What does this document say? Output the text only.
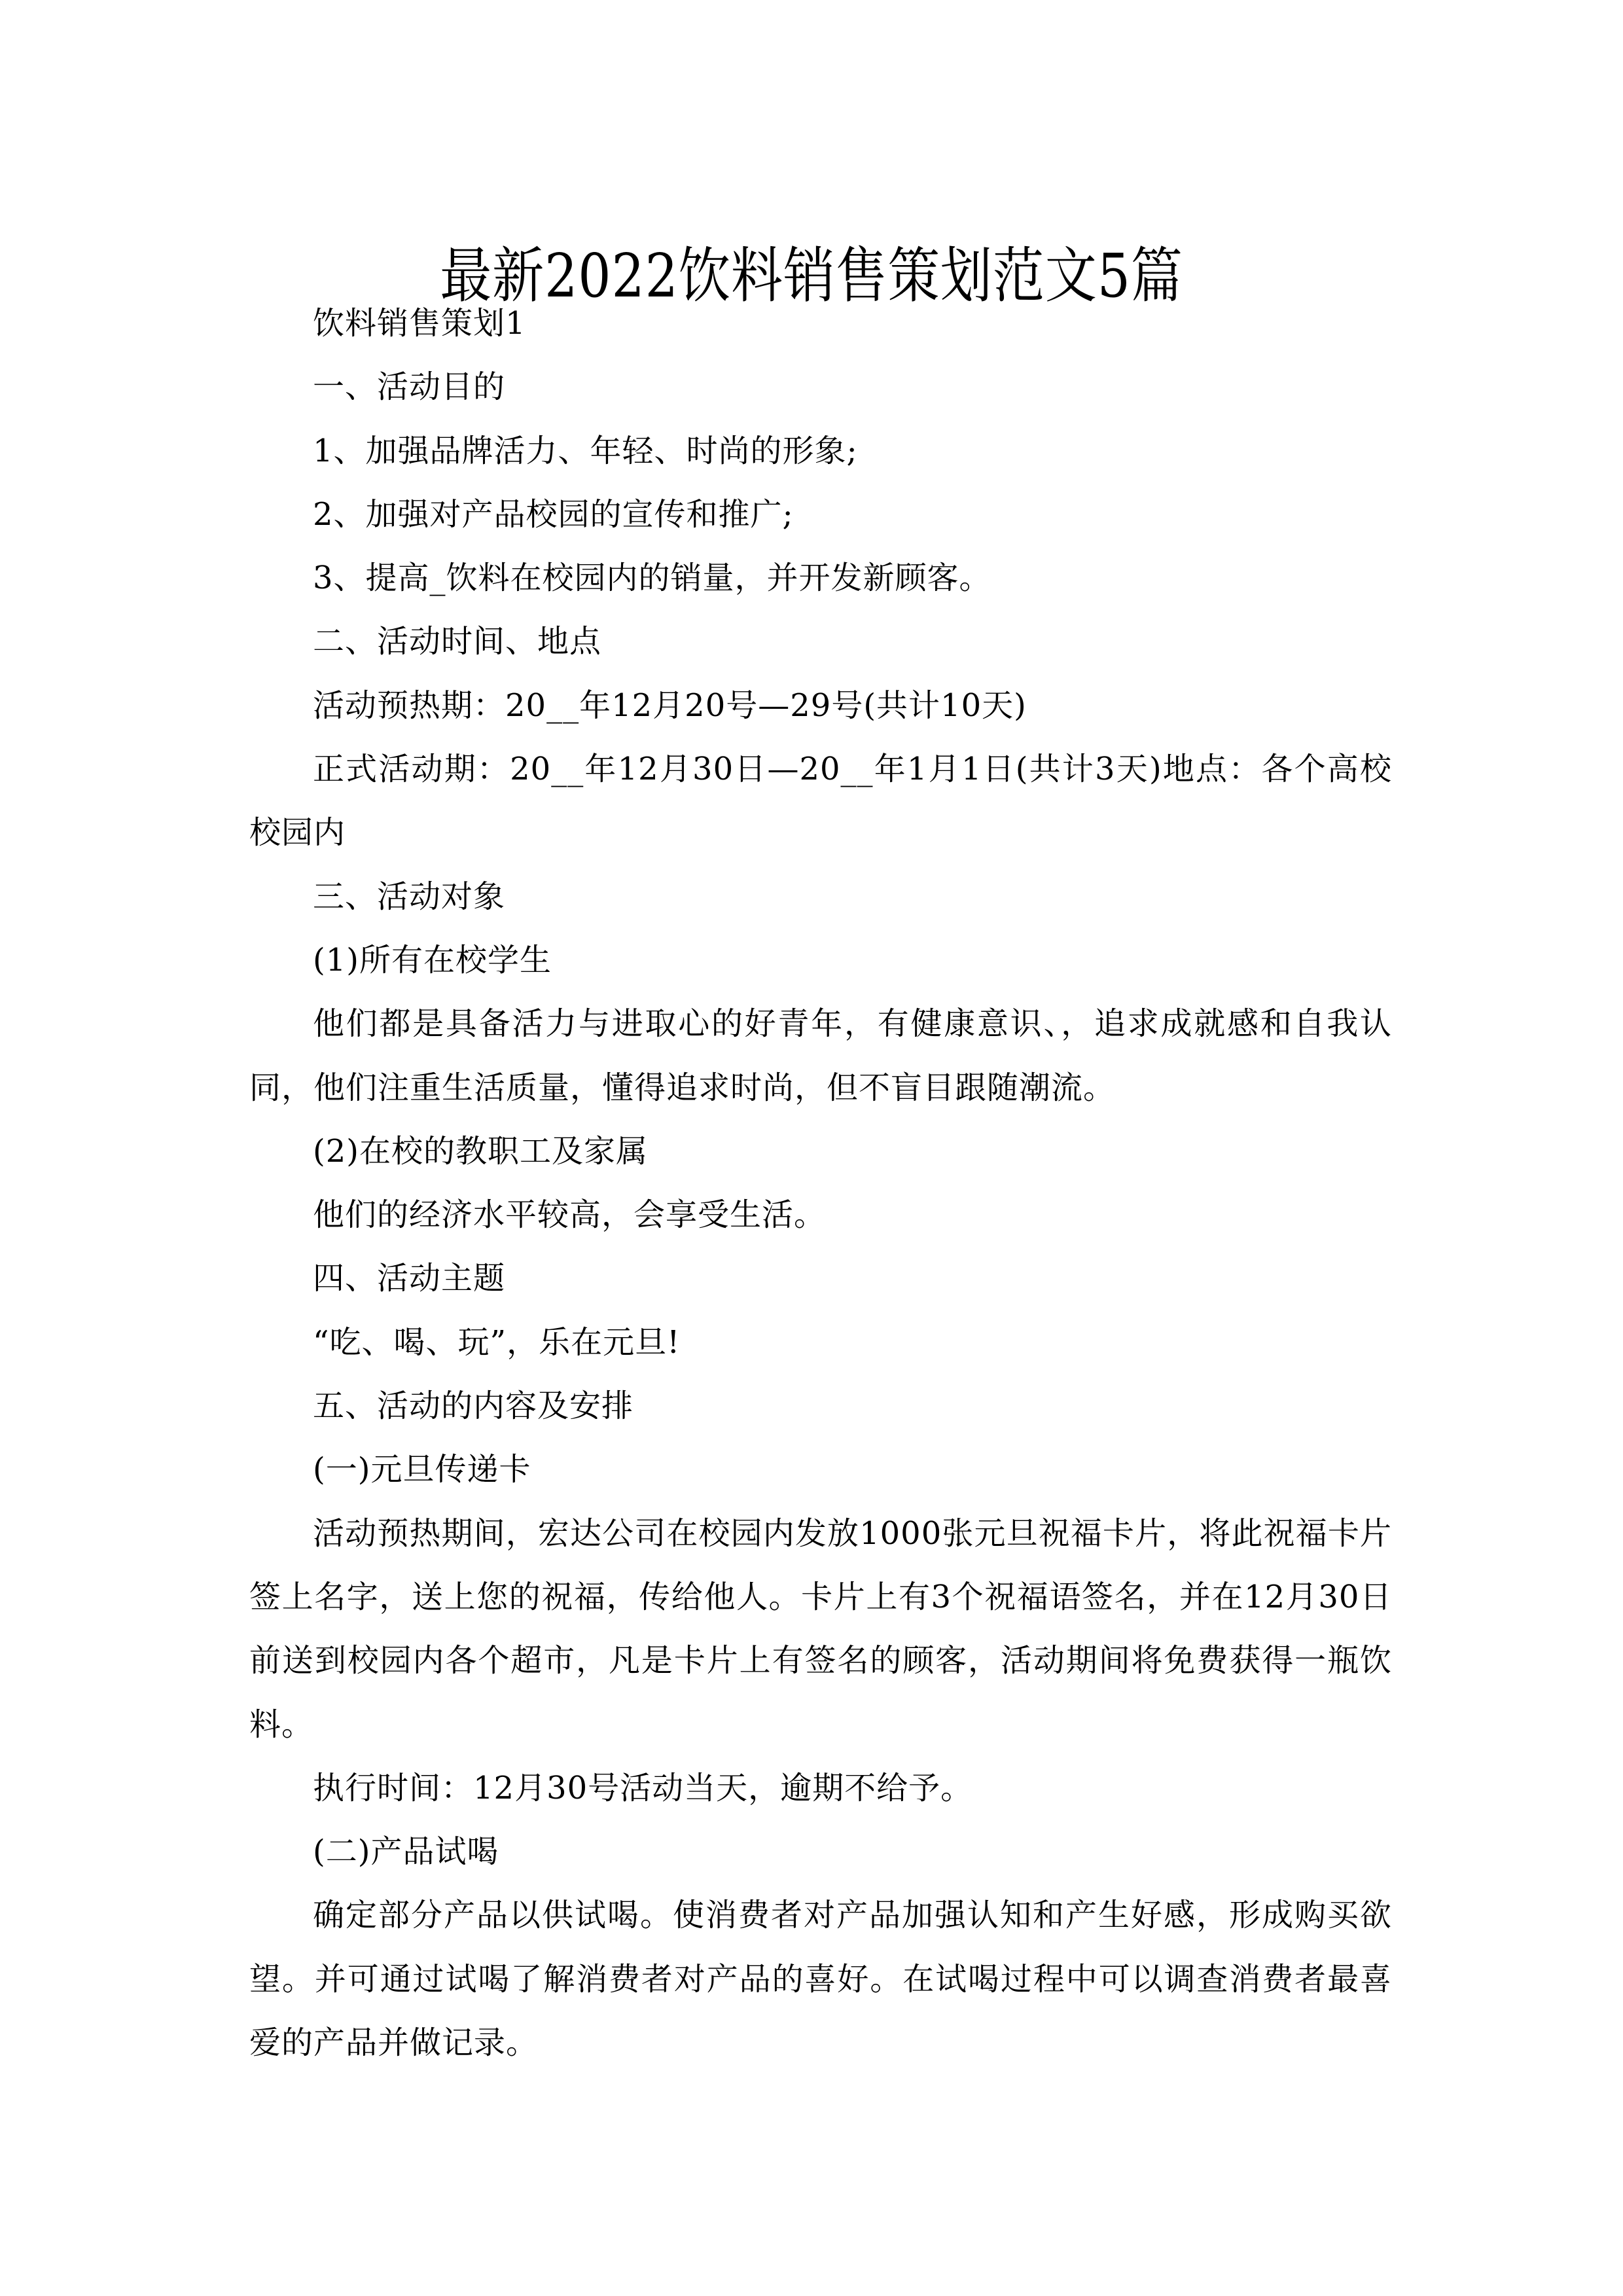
最新2022饮料销售策划范文5篇

饮料销售策划1

一、活动目的

1、加强品牌活力、年轻、时尚的形象;

2、加强对产品校园的宣传和推广;

3、提高_饮料在校园内的销量，并开发新顾客。

二、活动时间、地点

活动预热期：20__年12月20号—29号(共计10天)

正式活动期：20__年12月30日—20__年1月1日(共计3天)地点：各个高校校园内

三、活动对象

(1)所有在校学生

他们都是具备活力与进取心的好青年，有健康意识、，追求成就感和自我认同，他们注重生活质量，懂得追求时尚，但不盲目跟随潮流。

(2)在校的教职工及家属

他们的经济水平较高，会享受生活。

四、活动主题

“吃、喝、玩”，乐在元旦!

五、活动的内容及安排

(一)元旦传递卡

活动预热期间，宏达公司在校园内发放1000张元旦祝福卡片，将此祝福卡片签上名字，送上您的祝福，传给他人。卡片上有3个祝福语签名，并在12月30日前送到校园内各个超市，凡是卡片上有签名的顾客，活动期间将免费获得一瓶饮料。

执行时间：12月30号活动当天，逾期不给予。

(二)产品试喝

确定部分产品以供试喝。使消费者对产品加强认知和产生好感，形成购买欲望。并可通过试喝了解消费者对产品的喜好。在试喝过程中可以调查消费者最喜爱的产品并做记录。
